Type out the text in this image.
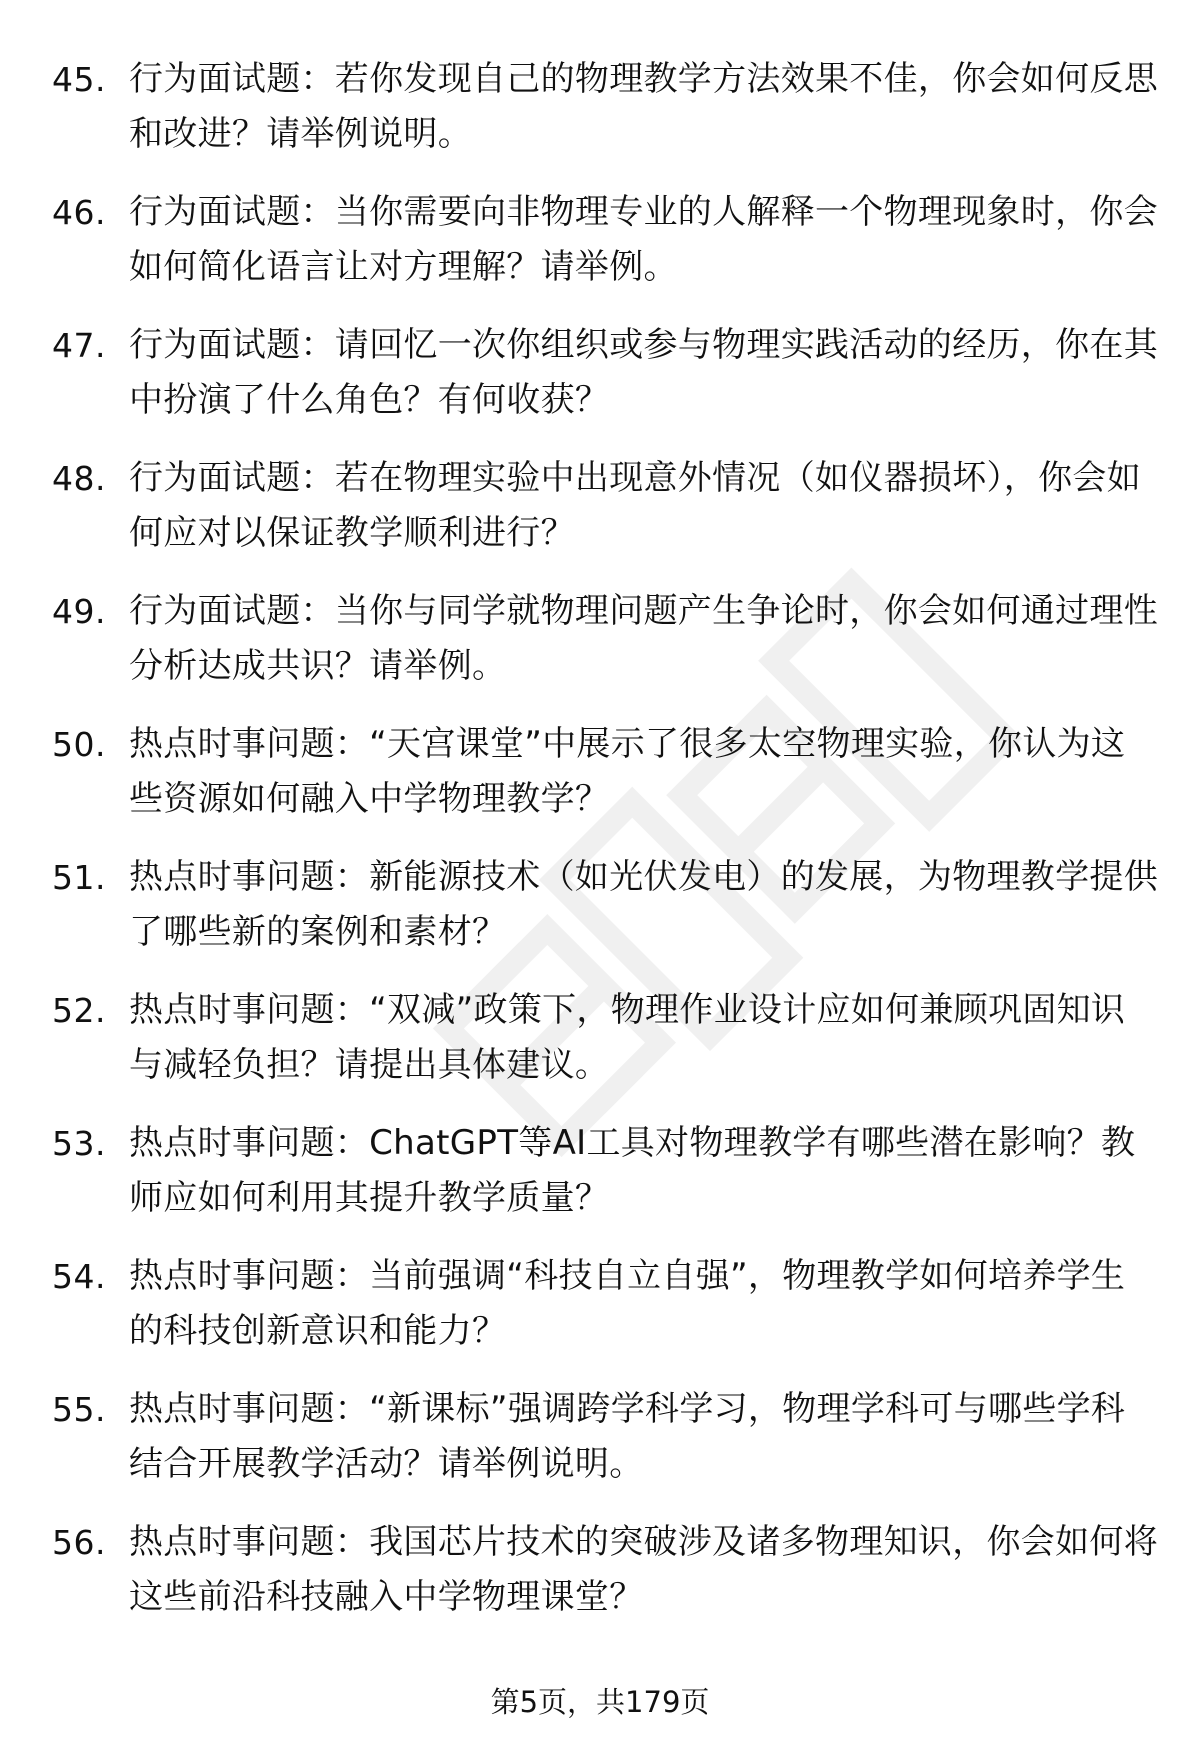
45. 行为面试题：若你发现自己的物理教学方法效果不佳，你会如何反思和改进？请举例说明。
46. 行为面试题：当你需要向非物理专业的人解释一个物理现象时，你会如何简化语言让对方理解？请举例。
47. 行为面试题：请回忆一次你组织或参与物理实践活动的经历，你在其中扮演了什么角色？有何收获？
48. 行为面试题：若在物理实验中出现意外情况（如仪器损坏），你会如何应对以保证教学顺利进行？
49. 行为面试题：当你与同学就物理问题产生争论时，你会如何通过理性分析达成共识？请举例。
50. 热点时事问题：“天宫课堂”中展示了很多太空物理实验，你认为这些资源如何融入中学物理教学？
51. 热点时事问题：新能源技术（如光伏发电）的发展，为物理教学提供了哪些新的案例和素材？
52. 热点时事问题：“双减”政策下，物理作业设计应如何兼顾巩固知识与减轻负担？请提出具体建议。
53. 热点时事问题：ChatGPT等AI工具对物理教学有哪些潜在影响？教师应如何利用其提升教学质量？
54. 热点时事问题：当前强调“科技自立自强”，物理教学如何培养学生的科技创新意识和能力？
55. 热点时事问题：“新课标”强调跨学科学习，物理学科可与哪些学科结合开展教学活动？请举例说明。
56. 热点时事问题：我国芯片技术的突破涉及诸多物理知识，你会如何将这些前沿科技融入中学物理课堂？
第5页，共179页
